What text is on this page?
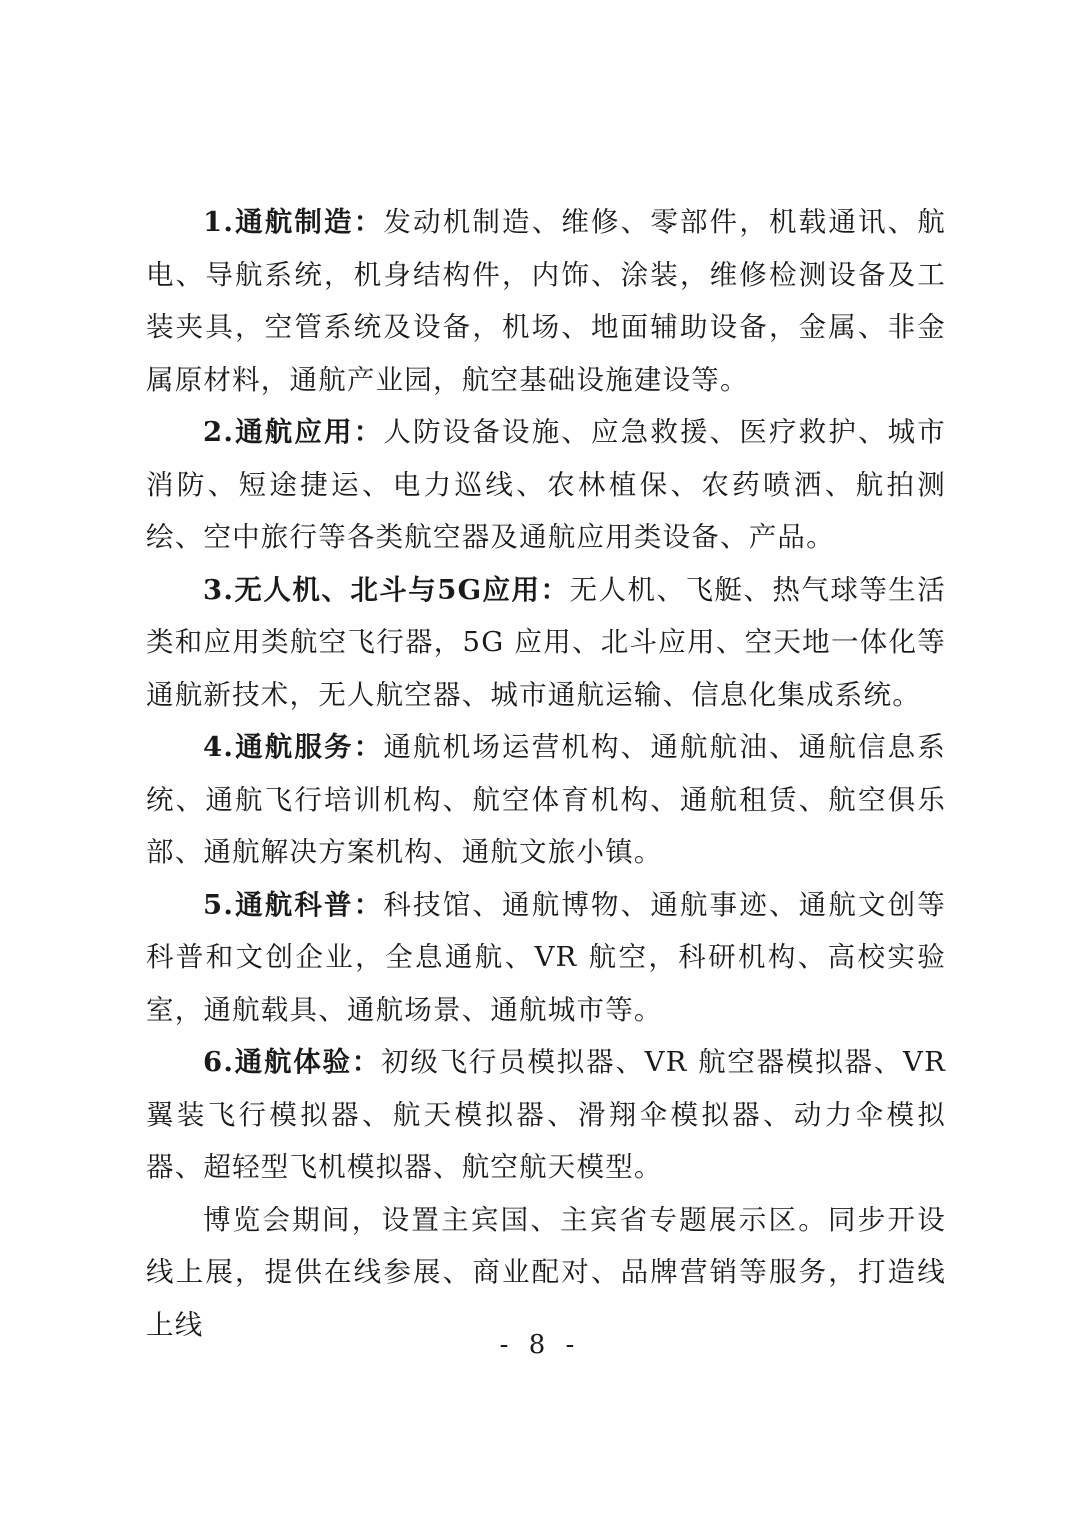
1.通航制造：发动机制造、维修、零部件，机载通讯、航电、导航系统，机身结构件，内饰、涂装，维修检测设备及工装夹具，空管系统及设备，机场、地面辅助设备，金属、非金属原材料，通航产业园，航空基础设施建设等。

2.通航应用：人防设备设施、应急救援、医疗救护、城市消防、短途捷运、电力巡线、农林植保、农药喷洒、航拍测绘、空中旅行等各类航空器及通航应用类设备、产品。

3.无人机、北斗与5G应用：无人机、飞艇、热气球等生活类和应用类航空飞行器，5G 应用、北斗应用、空天地一体化等通航新技术，无人航空器、城市通航运输、信息化集成系统。

4.通航服务：通航机场运营机构、通航航油、通航信息系统、通航飞行培训机构、航空体育机构、通航租赁、航空俱乐部、通航解决方案机构、通航文旅小镇。

5.通航科普：科技馆、通航博物、通航事迹、通航文创等科普和文创企业，全息通航、VR 航空，科研机构、高校实验室，通航载具、通航场景、通航城市等。

6.通航体验：初级飞行员模拟器、VR 航空器模拟器、VR 翼装飞行模拟器、航天模拟器、滑翔伞模拟器、动力伞模拟器、超轻型飞机模拟器、航空航天模型。

博览会期间，设置主宾国、主宾省专题展示区。同步开设线上展，提供在线参展、商业配对、品牌营销等服务，打造线上线

- 8 -
